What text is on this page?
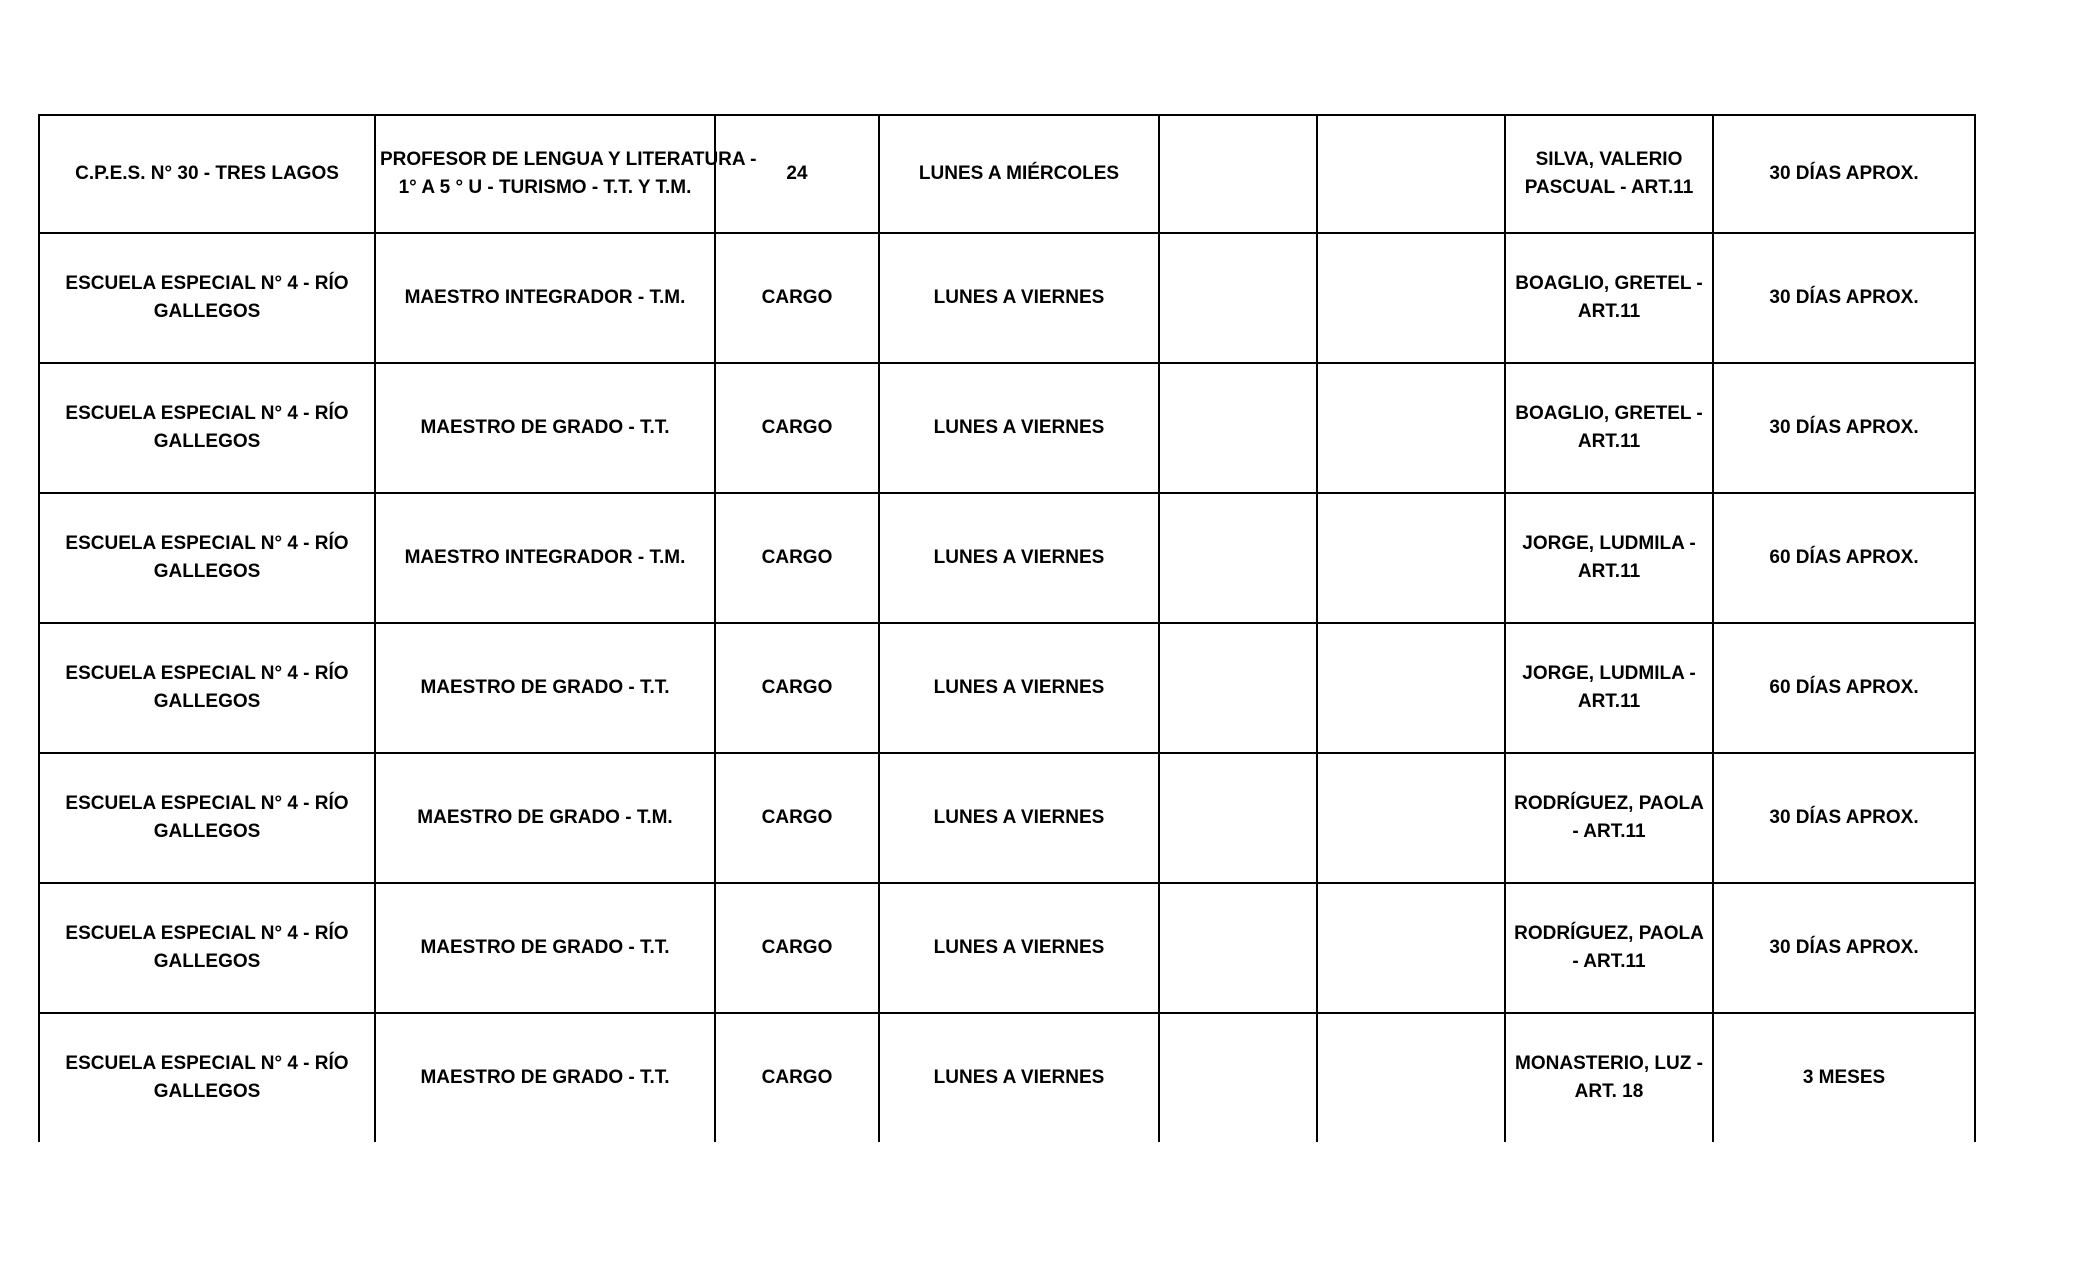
C.P.E.S. N° 30 - TRES LAGOS	PROFESOR DE LENGUA Y LITERATURA -
1° A 5 ° U - TURISMO - T.T. Y T.M.	24	LUNES A MIÉRCOLES			SILVA, VALERIO PASCUAL - ART.11	30 DÍAS APROX.
ESCUELA ESPECIAL N° 4 - RÍO GALLEGOS	MAESTRO INTEGRADOR - T.M.	CARGO	LUNES A VIERNES			BOAGLIO, GRETEL - ART.11	30 DÍAS APROX.
ESCUELA ESPECIAL N° 4 - RÍO GALLEGOS	MAESTRO DE GRADO - T.T.	CARGO	LUNES A VIERNES			BOAGLIO, GRETEL - ART.11	30 DÍAS APROX.
ESCUELA ESPECIAL N° 4 - RÍO GALLEGOS	MAESTRO INTEGRADOR - T.M.	CARGO	LUNES A VIERNES			JORGE, LUDMILA - ART.11	60 DÍAS APROX.
ESCUELA ESPECIAL N° 4 - RÍO GALLEGOS	MAESTRO DE GRADO - T.T.	CARGO	LUNES A VIERNES			JORGE, LUDMILA - ART.11	60 DÍAS APROX.
ESCUELA ESPECIAL N° 4 - RÍO GALLEGOS	MAESTRO DE GRADO - T.M.	CARGO	LUNES A VIERNES			RODRÍGUEZ, PAOLA - ART.11	30 DÍAS APROX.
ESCUELA ESPECIAL N° 4 - RÍO GALLEGOS	MAESTRO DE GRADO - T.T.	CARGO	LUNES A VIERNES			RODRÍGUEZ, PAOLA - ART.11	30 DÍAS APROX.
ESCUELA ESPECIAL N° 4 - RÍO GALLEGOS	MAESTRO DE GRADO - T.T.	CARGO	LUNES A VIERNES			MONASTERIO, LUZ - ART. 18	3 MESES
